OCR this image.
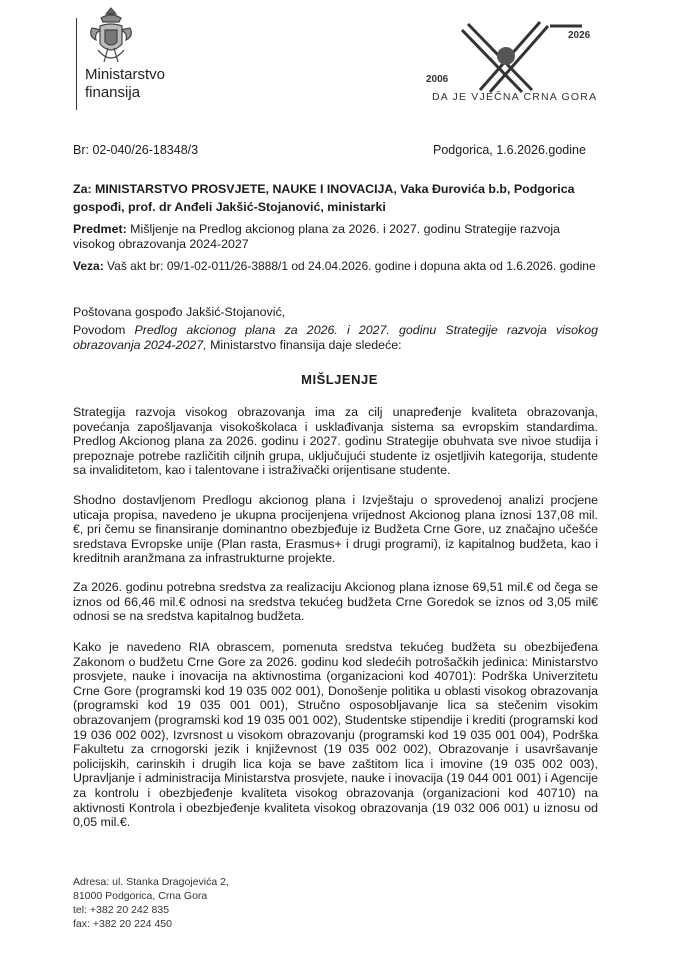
Ministarstvo
finansija
2026
2006
DA JE VJEČNA CRNA GORA
Br: 02-040/26-18348/3	Podgorica, 1.6.2026.godine
Za: MINISTARSTVO PROSVJETE, NAUKE I INOVACIJA, Vaka Đurovića b.b, Podgorica
gospođi, prof. dr Anđeli Jakšić-Stojanović, ministarki
Predmet: Mišljenje na Predlog akcionog plana za 2026. i 2027. godinu Strategije razvoja visokog obrazovanja 2024-2027
Veza: Vaš akt br: 09/1-02-011/26-3888/1 od 24.04.2026. godine i dopuna akta od 1.6.2026. godine
Poštovana gospođo Jakšić-Stojanović,
Povodom Predlog akcionog plana za 2026. i 2027. godinu Strategije razvoja visokog obrazovanja 2024-2027, Ministarstvo finansija daje sledeće:
MIŠLJENJE
Strategija razvoja visokog obrazovanja ima za cilj unapređenje kvaliteta obrazovanja, povećanja zapošljavanja visokoškolaca i usklađivanja sistema sa evropskim standardima. Predlog Akcionog plana za 2026. godinu i 2027. godinu Strategije obuhvata sve nivoe studija i prepoznaje potrebe različitih ciljnih grupa, uključujući studente iz osjetljivih kategorija, studente sa invaliditetom, kao i talentovane i istraživački orijentisane studente.
Shodno dostavljenom Predlogu akcionog plana i Izvještaju o sprovedenoj analizi procjene uticaja propisa, navedeno je ukupna procijenjena vrijednost Akcionog plana iznosi 137,08 mil. €, pri čemu se finansiranje dominantno obezbjeđuje iz Budžeta Crne Gore, uz značajno učešće sredstava Evropske unije (Plan rasta, Erasmus+ i drugi programi), iz kapitalnog budžeta, kao i kreditnih aranžmana za infrastrukturne projekte.
Za 2026. godinu potrebna sredstva za realizaciju Akcionog plana iznose 69,51 mil.€ od čega se iznos od 66,46 mil.€ odnosi na sredstva tekućeg budžeta Crne Goredok se iznos od 3,05 mil€ odnosi se na sredstva kapitalnog budžeta.
Kako je navedeno RIA obrascem, pomenuta sredstva tekućeg budžeta su obezbijeđena Zakonom o budžetu Crne Gore za 2026. godinu kod sledećih potrošačkih jedinica: Ministarstvo prosvjete, nauke i inovacija na aktivnostima (organizacioni kod 40701): Podrška Univerzitetu Crne Gore (programski kod 19 035 002 001), Donošenje politika u oblasti visokog obrazovanja (programski kod 19 035 001 001), Stručno osposobljavanje lica sa stečenim visokim obrazovanjem (programski kod 19 035 001 002), Studentske stipendije i krediti (programski kod 19 036 002 002), Izvrsnost u visokom obrazovanju (programski kod 19 035 001 004), Podrška Fakultetu za crnogorski jezik i književnost (19 035 002 002), Obrazovanje i usavršavanje policijskih, carinskih i drugih lica koja se bave zaštitom lica i imovine (19 035 002 003), Upravljanje i administracija Ministarstva prosvjete, nauke i inovacija (19 044 001 001) i Agencije za kontrolu i obezbjeđenje kvaliteta visokog obrazovanja (organizacioni kod 40710) na aktivnosti Kontrola i obezbjeđenje kvaliteta visokog obrazovanja (19 032 006 001) u iznosu od 0,05 mil.€.
Adresa: ul. Stanka Dragojevića 2,
81000 Podgorica, Crna Gora
tel: +382 20 242 835
fax: +382 20 224 450
